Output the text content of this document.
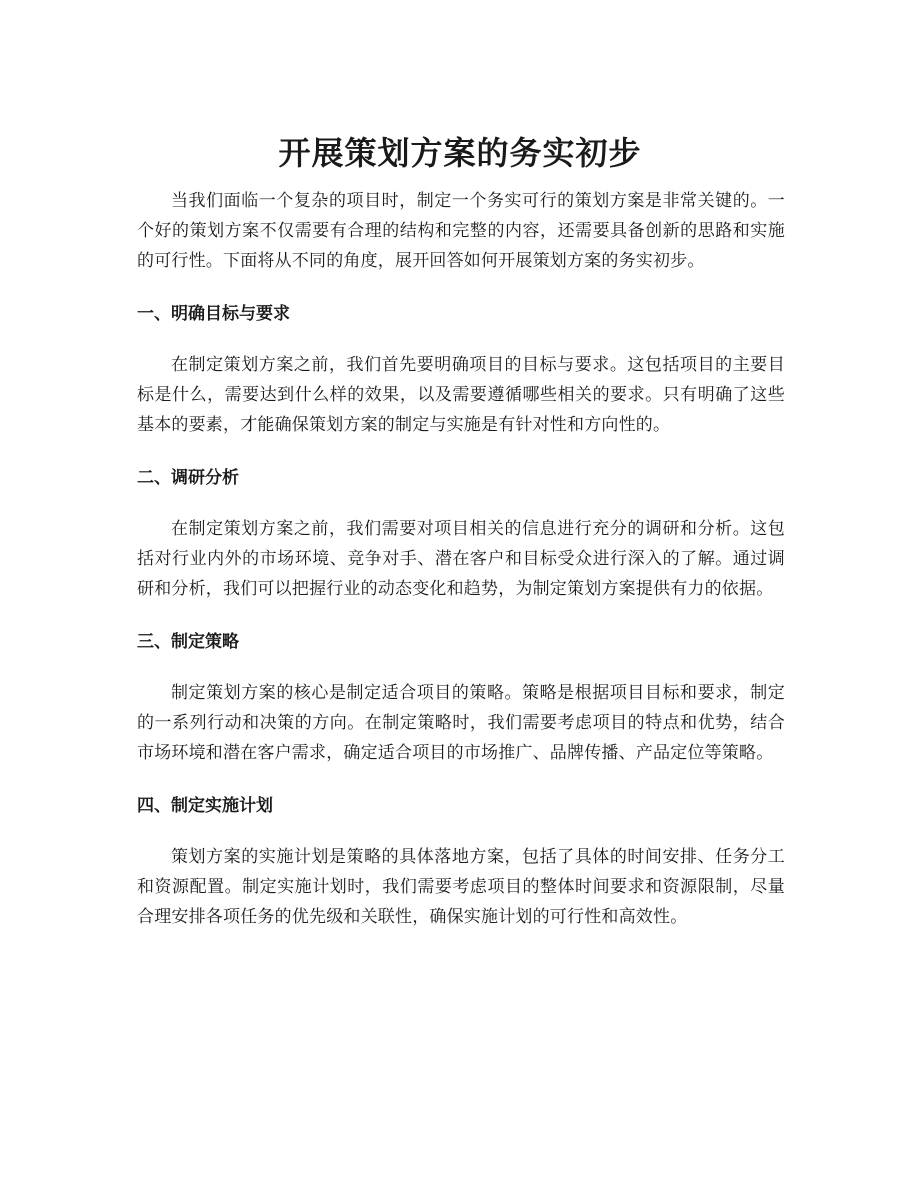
开展策划方案的务实初步

当我们面临一个复杂的项目时，制定一个务实可行的策划方案是非常关键的。一个好的策划方案不仅需要有合理的结构和完整的内容，还需要具备创新的思路和实施的可行性。下面将从不同的角度，展开回答如何开展策划方案的务实初步。

一、明确目标与要求

在制定策划方案之前，我们首先要明确项目的目标与要求。这包括项目的主要目标是什么，需要达到什么样的效果，以及需要遵循哪些相关的要求。只有明确了这些基本的要素，才能确保策划方案的制定与实施是有针对性和方向性的。

二、调研分析

在制定策划方案之前，我们需要对项目相关的信息进行充分的调研和分析。这包括对行业内外的市场环境、竞争对手、潜在客户和目标受众进行深入的了解。通过调研和分析，我们可以把握行业的动态变化和趋势，为制定策划方案提供有力的依据。

三、制定策略

制定策划方案的核心是制定适合项目的策略。策略是根据项目目标和要求，制定的一系列行动和决策的方向。在制定策略时，我们需要考虑项目的特点和优势，结合市场环境和潜在客户需求，确定适合项目的市场推广、品牌传播、产品定位等策略。

四、制定实施计划

策划方案的实施计划是策略的具体落地方案，包括了具体的时间安排、任务分工和资源配置。制定实施计划时，我们需要考虑项目的整体时间要求和资源限制，尽量合理安排各项任务的优先级和关联性，确保实施计划的可行性和高效性。
